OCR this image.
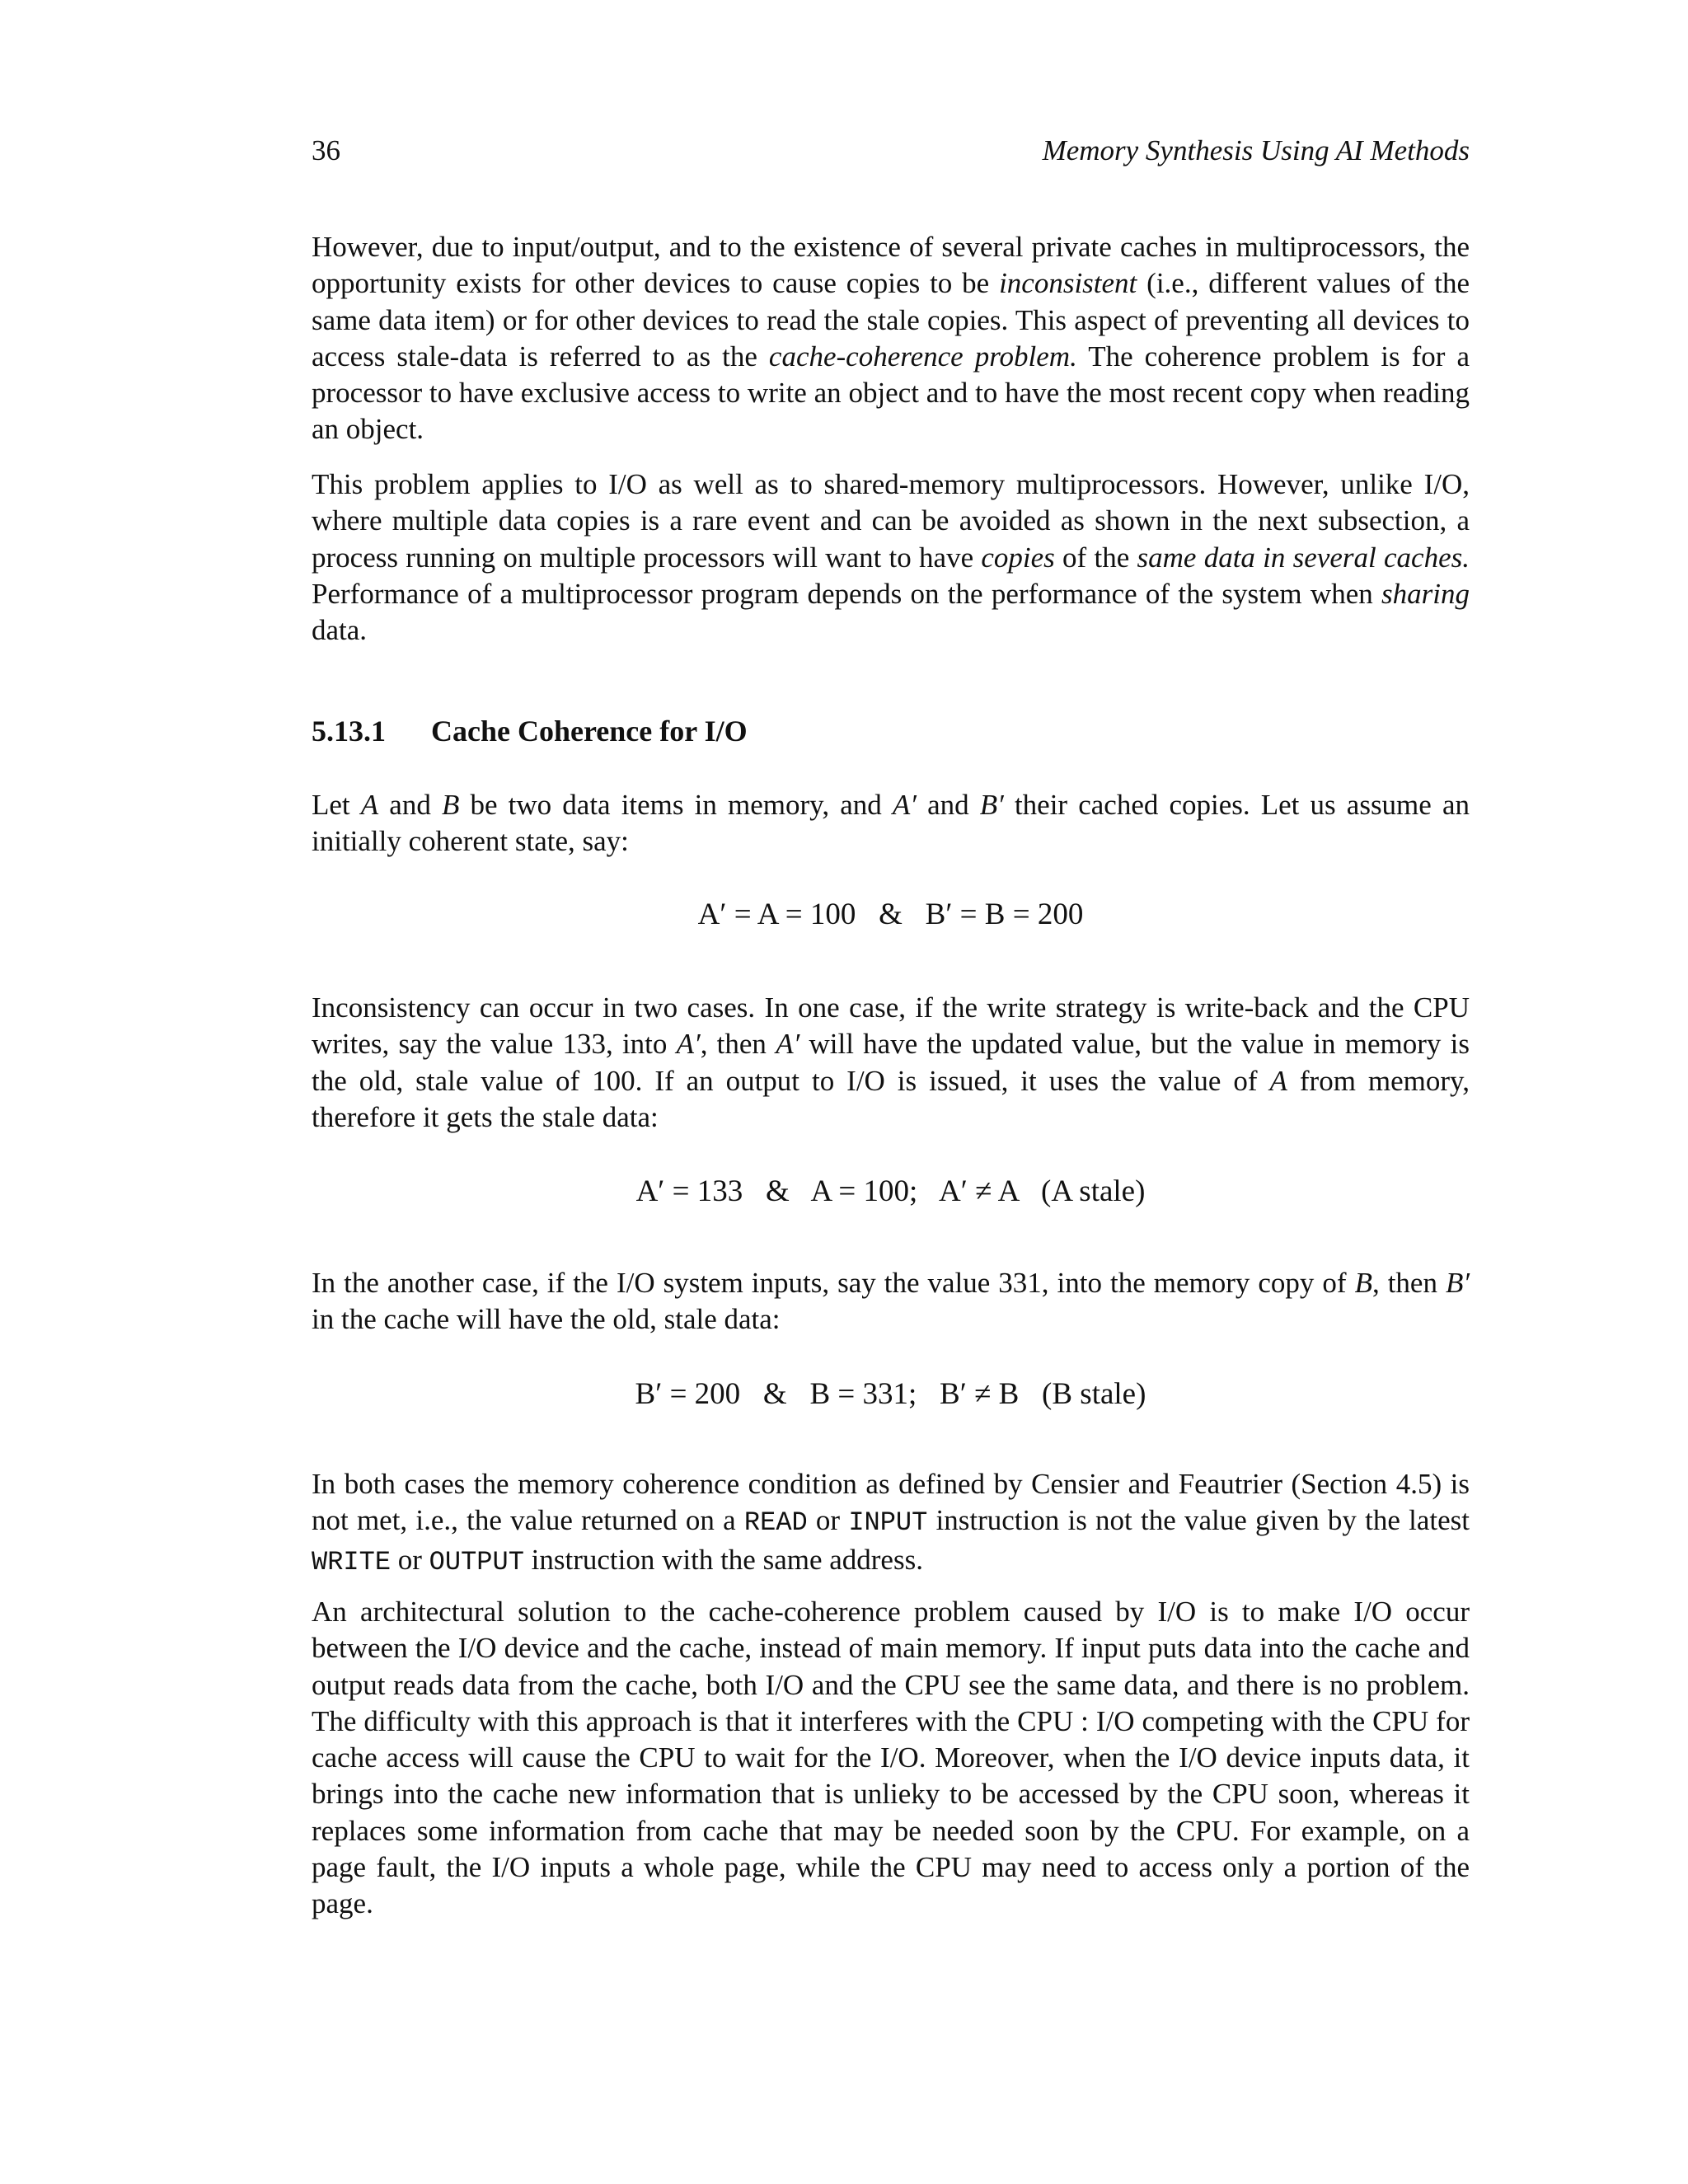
36	Memory Synthesis Using AI Methods

However, due to input/output, and to the existence of several private caches in multiprocessors, the opportunity exists for other devices to cause copies to be inconsistent (i.e., different values of the same data item) or for other devices to read the stale copies. This aspect of preventing all devices to access stale-data is referred to as the cache-coherence problem. The coherence problem is for a processor to have exclusive access to write an object and to have the most recent copy when reading an object.

This problem applies to I/O as well as to shared-memory multiprocessors. However, unlike I/O, where multiple data copies is a rare event and can be avoided as shown in the next subsection, a process running on multiple processors will want to have copies of the same data in several caches. Performance of a multiprocessor program depends on the performance of the system when sharing data.

5.13.1 Cache Coherence for I/O

Let A and B be two data items in memory, and A′ and B′ their cached copies. Let us assume an initially coherent state, say:

A′ = A = 100   &   B′ = B = 200

Inconsistency can occur in two cases. In one case, if the write strategy is write-back and the CPU writes, say the value 133, into A′, then A′ will have the updated value, but the value in memory is the old, stale value of 100. If an output to I/O is issued, it uses the value of A from memory, therefore it gets the stale data:

A′ = 133   &   A = 100;   A′ ≠ A   (A stale)

In the another case, if the I/O system inputs, say the value 331, into the memory copy of B, then B′ in the cache will have the old, stale data:

B′ = 200   &   B = 331;   B′ ≠ B   (B stale)

In both cases the memory coherence condition as defined by Censier and Feautrier (Section 4.5) is not met, i.e., the value returned on a READ or INPUT instruction is not the value given by the latest WRITE or OUTPUT instruction with the same address.

An architectural solution to the cache-coherence problem caused by I/O is to make I/O occur between the I/O device and the cache, instead of main memory. If input puts data into the cache and output reads data from the cache, both I/O and the CPU see the same data, and there is no problem. The difficulty with this approach is that it interferes with the CPU : I/O competing with the CPU for cache access will cause the CPU to wait for the I/O. Moreover, when the I/O device inputs data, it brings into the cache new information that is unlieky to be accessed by the CPU soon, whereas it replaces some information from cache that may be needed soon by the CPU. For example, on a page fault, the I/O inputs a whole page, while the CPU may need to access only a portion of the page.
